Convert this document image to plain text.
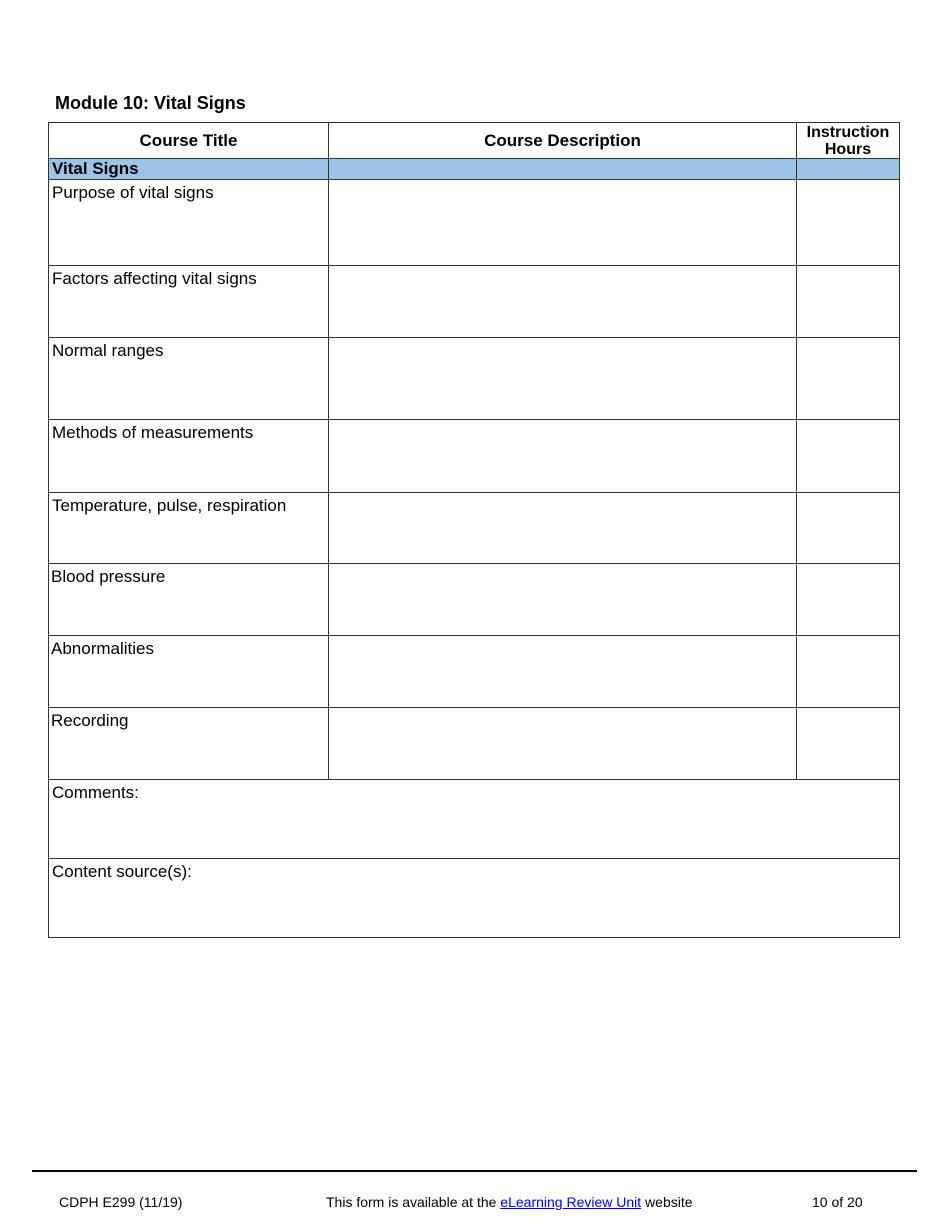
Module 10: Vital Signs
Course Title	Course Description	Instruction
Hours
Vital Signs		
Purpose of vital signs		
Factors affecting vital signs		
Normal ranges		
Methods of measurements		
Temperature, pulse, respiration		
Blood pressure		
Abnormalities		
Recording		
Comments:		
Content source(s):		
CDPH E299 (11/19)	This form is available at the eLearning Review Unit website	10 of 20
